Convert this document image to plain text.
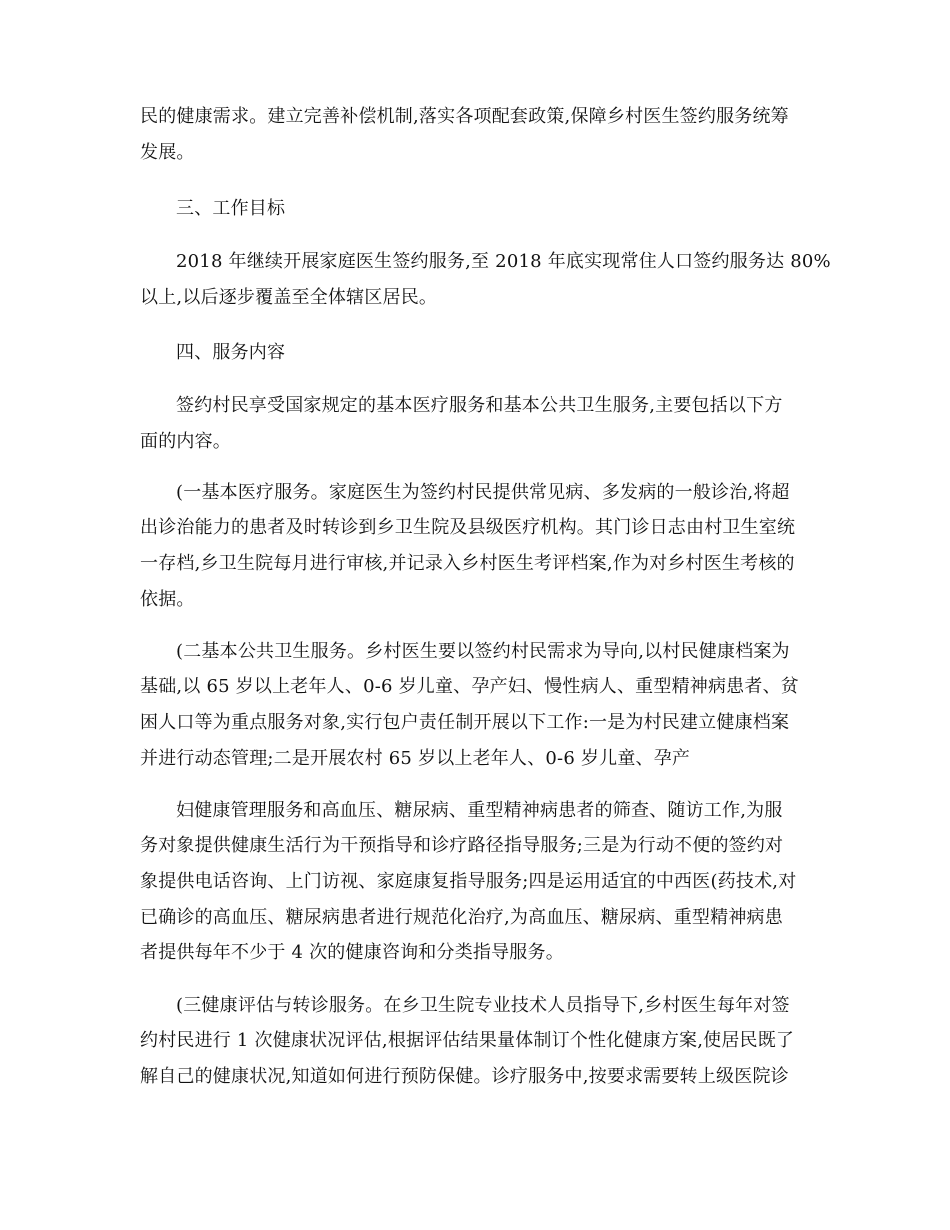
民的健康需求。建立完善补偿机制,落实各项配套政策,保障乡村医生签约服务统筹
发展。
三、工作目标
2018 年继续开展家庭医生签约服务,至 2018 年底实现常住人口签约服务达 80%
以上,以后逐步覆盖至全体辖区居民。
四、服务内容
签约村民享受国家规定的基本医疗服务和基本公共卫生服务,主要包括以下方
面的内容。
(一基本医疗服务。家庭医生为签约村民提供常见病、多发病的一般诊治,将超
出诊治能力的患者及时转诊到乡卫生院及县级医疗机构。其门诊日志由村卫生室统
一存档,乡卫生院每月进行审核,并记录入乡村医生考评档案,作为对乡村医生考核的
依据。
(二基本公共卫生服务。乡村医生要以签约村民需求为导向,以村民健康档案为
基础,以 65 岁以上老年人、0-6 岁儿童、孕产妇、慢性病人、重型精神病患者、贫
困人口等为重点服务对象,实行包户责任制开展以下工作:一是为村民建立健康档案
并进行动态管理;二是开展农村 65 岁以上老年人、0-6 岁儿童、孕产
妇健康管理服务和高血压、糖尿病、重型精神病患者的筛查、随访工作,为服
务对象提供健康生活行为干预指导和诊疗路径指导服务;三是为行动不便的签约对
象提供电话咨询、上门访视、家庭康复指导服务;四是运用适宜的中西医(药技术,对
已确诊的高血压、糖尿病患者进行规范化治疗,为高血压、糖尿病、重型精神病患
者提供每年不少于 4 次的健康咨询和分类指导服务。
(三健康评估与转诊服务。在乡卫生院专业技术人员指导下,乡村医生每年对签
约村民进行 1 次健康状况评估,根据评估结果量体制订个性化健康方案,使居民既了
解自己的健康状况,知道如何进行预防保健。诊疗服务中,按要求需要转上级医院诊
